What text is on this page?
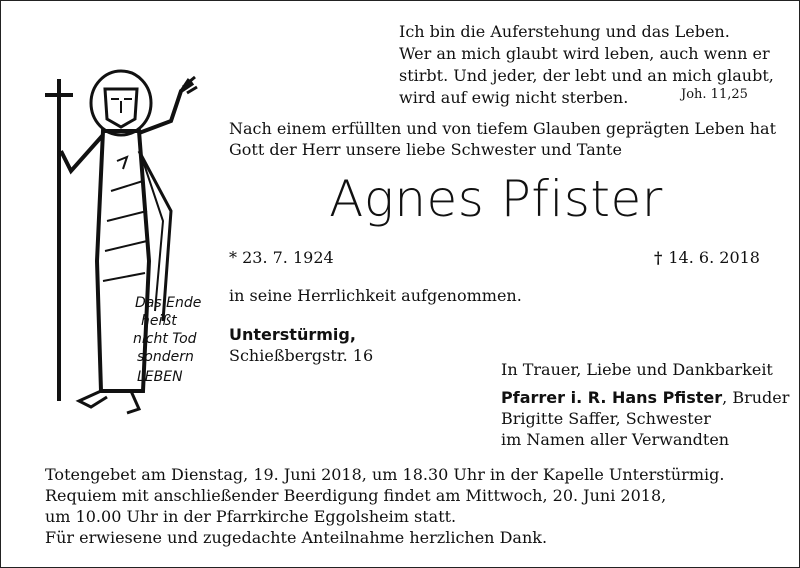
Das Ende
heißt
nicht Tod
sondern
LEBEN
Ich bin die Auferstehung und das Leben.
Wer an mich glaubt wird leben, auch wenn er
stirbt. Und jeder, der lebt und an mich glaubt,
wird auf ewig nicht sterben.	Joh. 11,25
Nach einem erfüllten und von tiefem Glauben geprägten Leben hat
Gott der Herr unsere liebe Schwester und Tante
Agnes Pfister
* 23. 7. 1924	† 14. 6. 2018
in seine Herrlichkeit aufgenommen.
Unterstürmig,
Schießbergstr. 16
In Trauer, Liebe und Dankbarkeit
Pfarrer i. R. Hans Pfister, Bruder
Brigitte Saffer, Schwester
im Namen aller Verwandten
Totengebet am Dienstag, 19. Juni 2018, um 18.30 Uhr in der Kapelle Unterstürmig.
Requiem mit anschließender Beerdigung findet am Mittwoch, 20. Juni 2018,
um 10.00 Uhr in der Pfarrkirche Eggolsheim statt.
Für erwiesene und zugedachte Anteilnahme herzlichen Dank.
